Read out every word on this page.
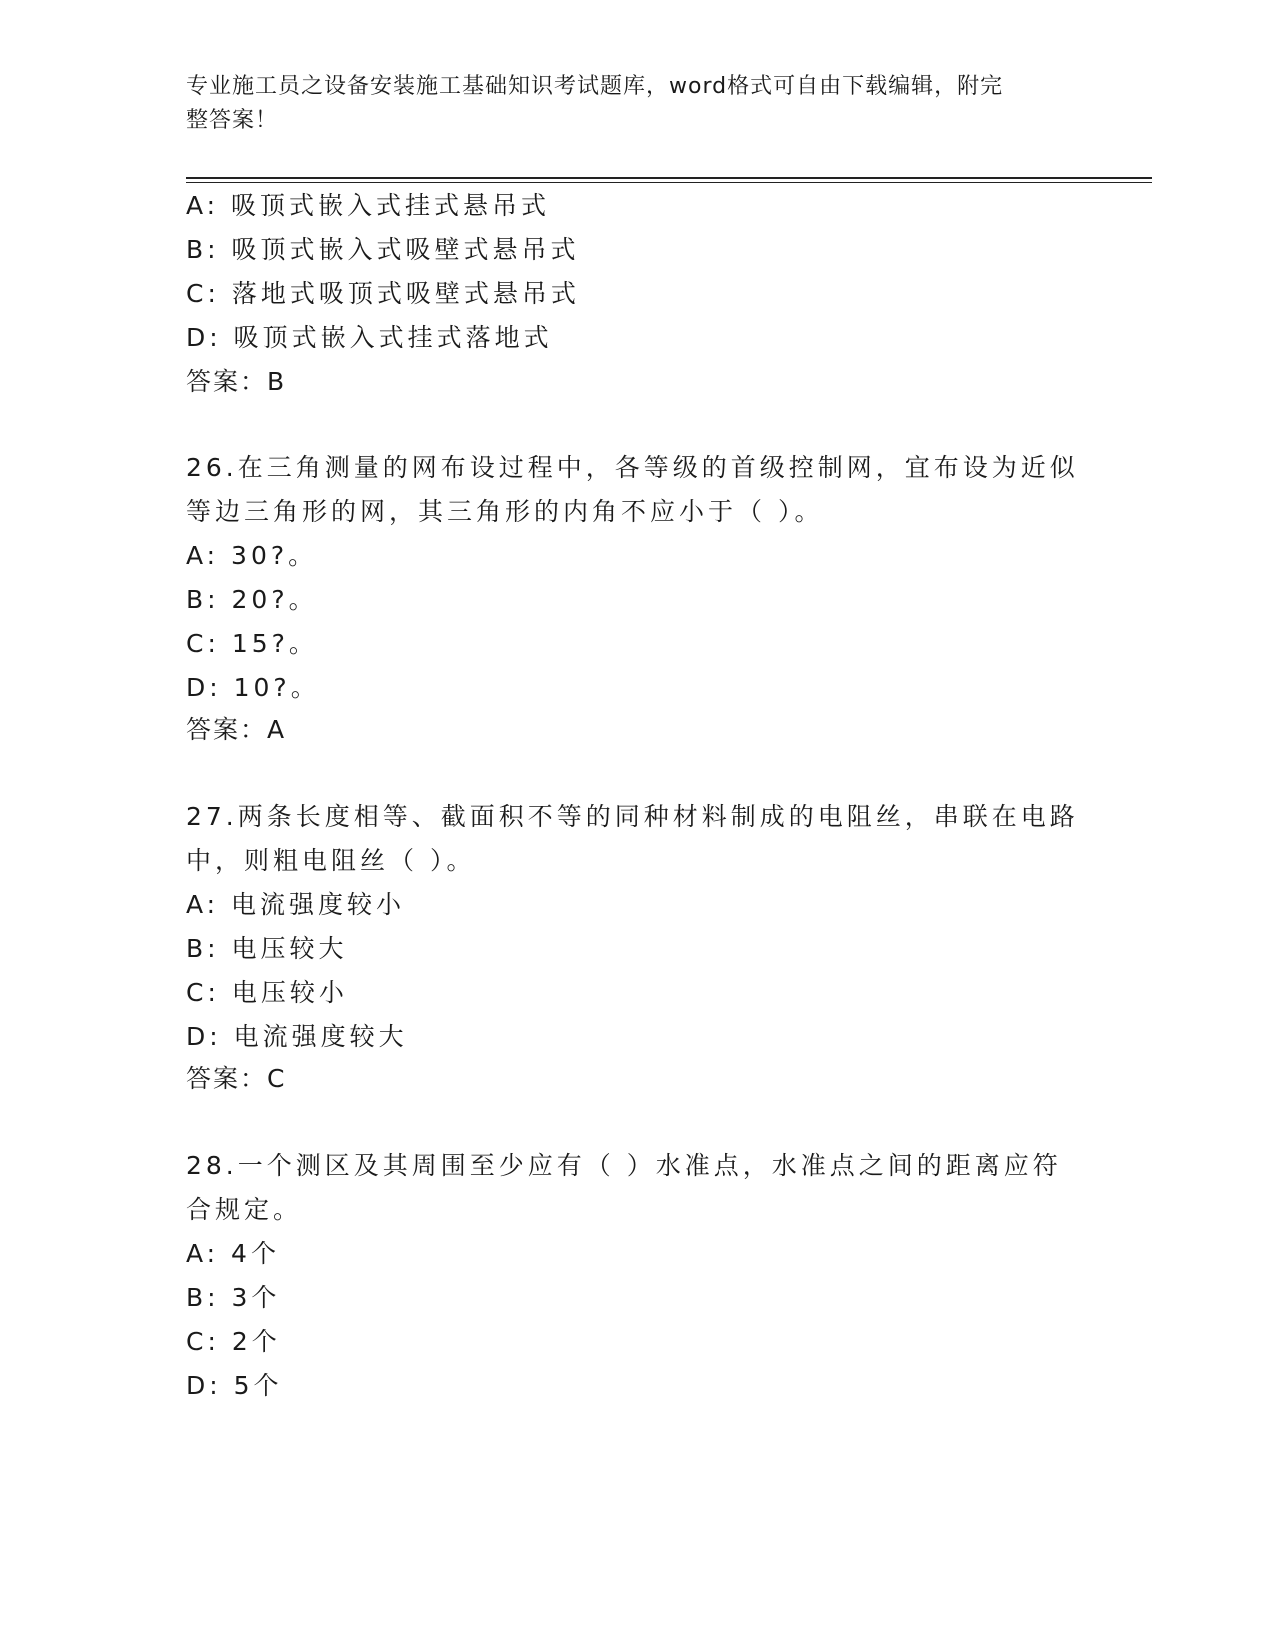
专业施工员之设备安装施工基础知识考试题库，word格式可自由下载编辑，附完
整答案！
A: 吸顶式嵌入式挂式悬吊式
B: 吸顶式嵌入式吸壁式悬吊式
C: 落地式吸顶式吸壁式悬吊式
D: 吸顶式嵌入式挂式落地式
答案：B
26.在三角测量的网布设过程中，各等级的首级控制网，宜布设为近似
等边三角形的网，其三角形的内角不应小于（ ）。
A: 30?。
B: 20?。
C: 15?。
D: 10?。
答案：A
27.两条长度相等、截面积不等的同种材料制成的电阻丝，串联在电路
中，则粗电阻丝（ ）。
A: 电流强度较小
B: 电压较大
C: 电压较小
D: 电流强度较大
答案：C
28.一个测区及其周围至少应有（ ）水准点，水准点之间的距离应符
合规定。
A: 4个
B: 3个
C: 2个
D: 5个
